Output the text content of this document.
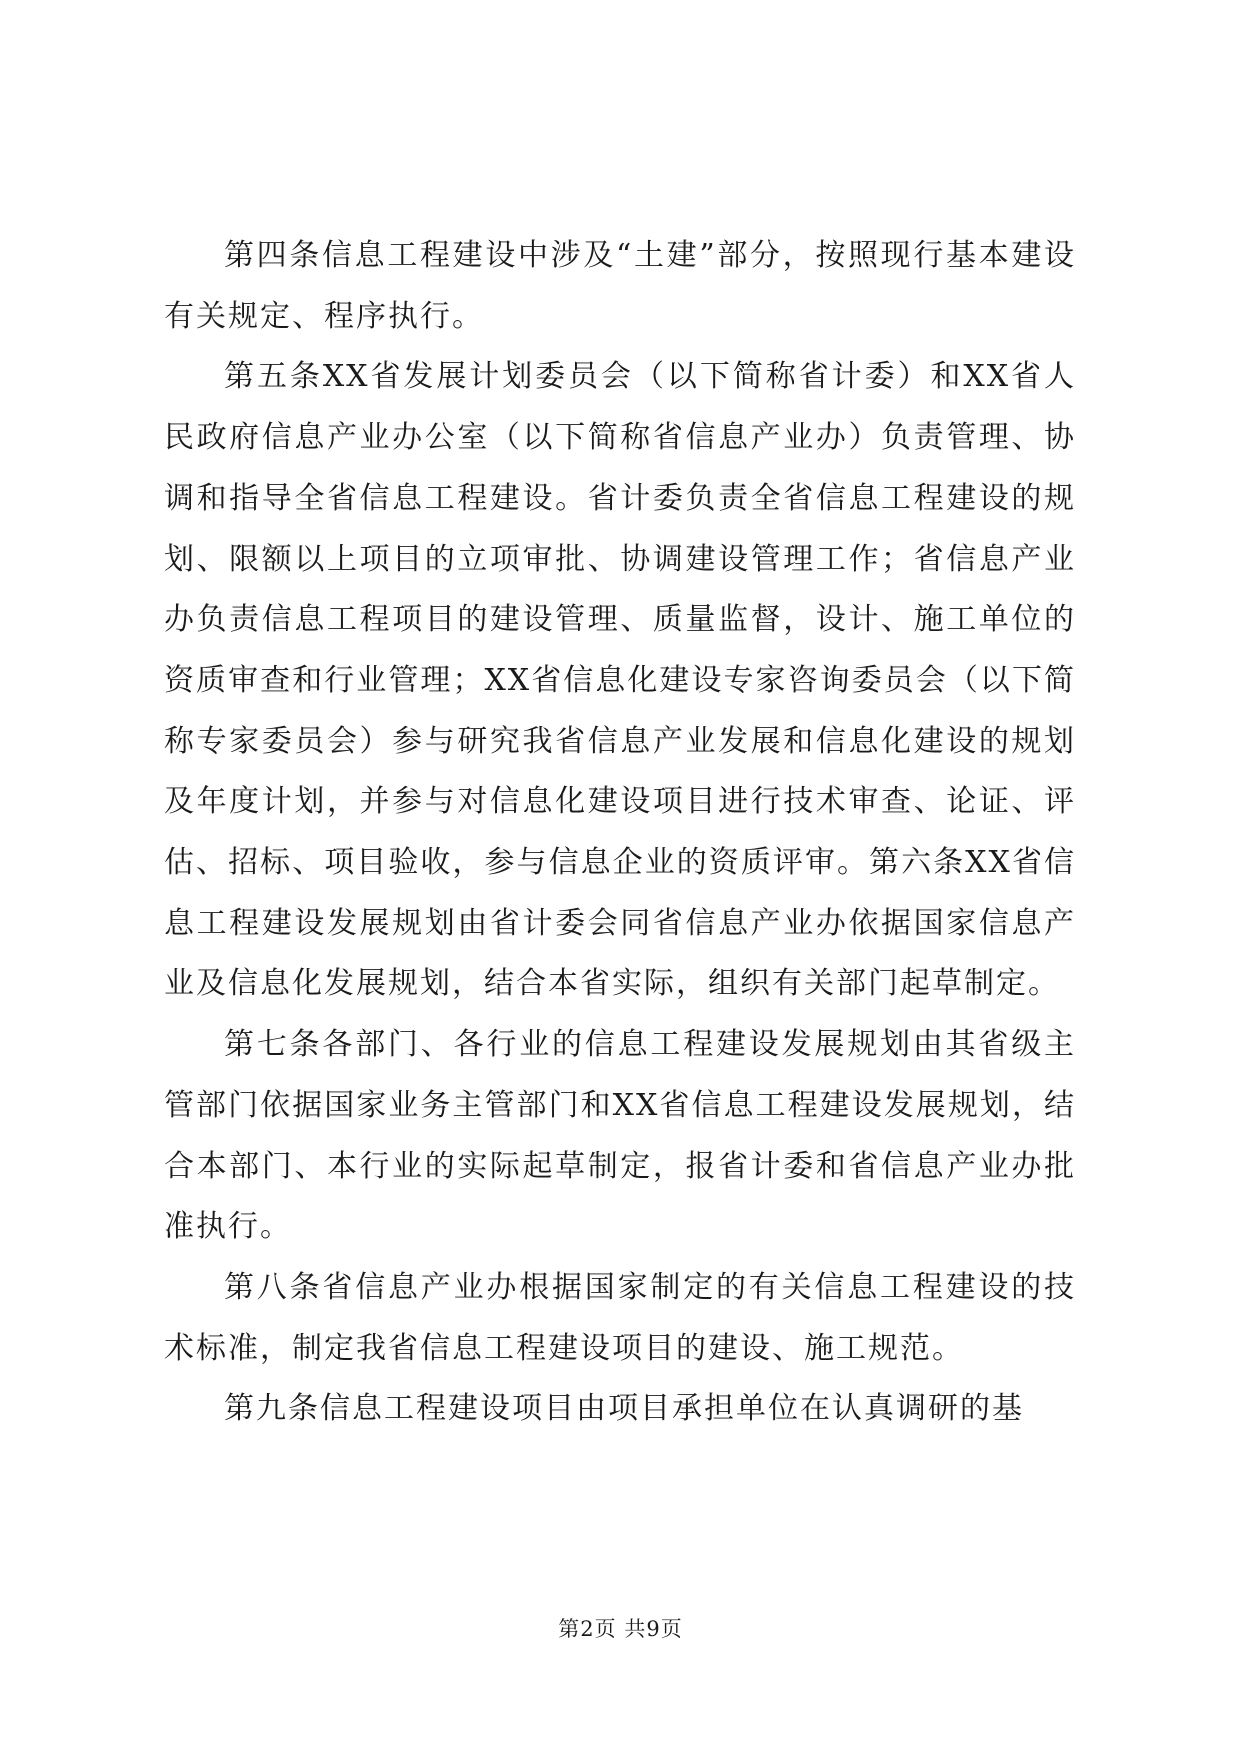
第四条信息工程建设中涉及“土建”部分，按照现行基本建设有关规定、程序执行。

第五条XX省发展计划委员会（以下简称省计委）和XX省人民政府信息产业办公室（以下简称省信息产业办）负责管理、协调和指导全省信息工程建设。省计委负责全省信息工程建设的规划、限额以上项目的立项审批、协调建设管理工作；省信息产业办负责信息工程项目的建设管理、质量监督，设计、施工单位的资质审查和行业管理；XX省信息化建设专家咨询委员会（以下简称专家委员会）参与研究我省信息产业发展和信息化建设的规划及年度计划，并参与对信息化建设项目进行技术审查、论证、评估、招标、项目验收，参与信息企业的资质评审。第六条XX省信息工程建设发展规划由省计委会同省信息产业办依据国家信息产业及信息化发展规划，结合本省实际，组织有关部门起草制定。

第七条各部门、各行业的信息工程建设发展规划由其省级主管部门依据国家业务主管部门和XX省信息工程建设发展规划，结合本部门、本行业的实际起草制定，报省计委和省信息产业办批准执行。

第八条省信息产业办根据国家制定的有关信息工程建设的技术标准，制定我省信息工程建设项目的建设、施工规范。

第九条信息工程建设项目由项目承担单位在认真调研的基

第2页 共9页
